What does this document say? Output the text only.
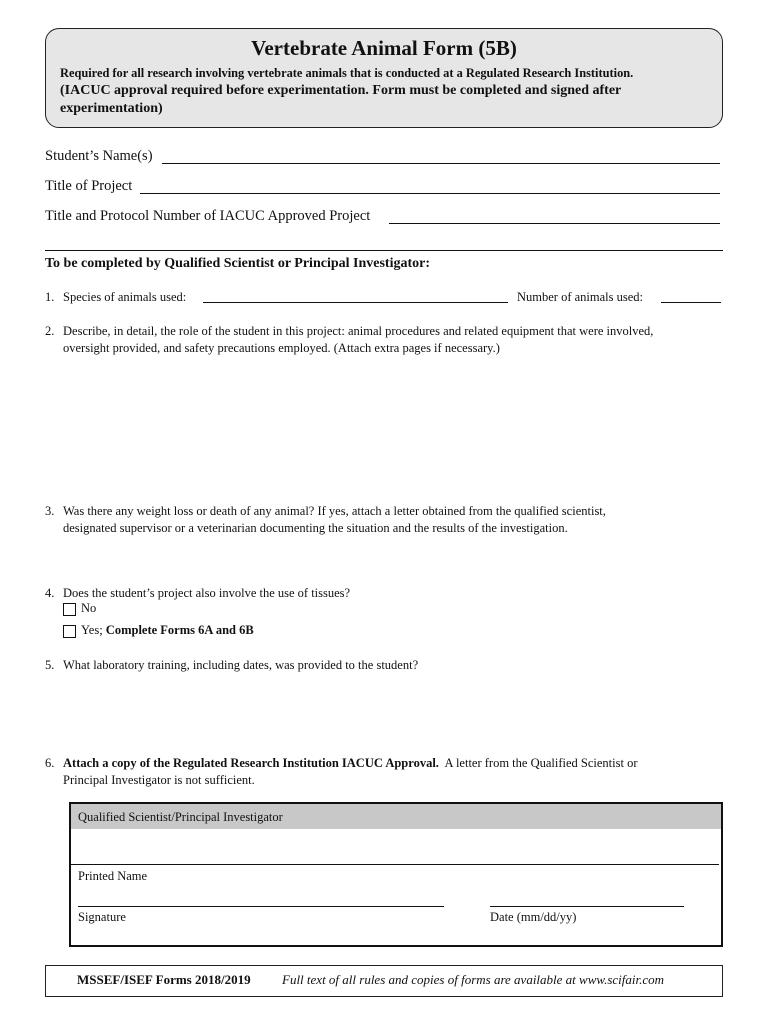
Vertebrate Animal Form (5B)
Required for all research involving vertebrate animals that is conducted at a Regulated Research Institution.
(IACUC approval required before experimentation. Form must be completed and signed after experimentation)
Student’s Name(s)
Title of Project
Title and Protocol Number of IACUC Approved Project
To be completed by Qualified Scientist or Principal Investigator:
1. Species of animals used:	Number of animals used:
2. Describe, in detail, the role of the student in this project: animal procedures and related equipment that were involved,
oversight provided, and safety precautions employed. (Attach extra pages if necessary.)
3. Was there any weight loss or death of any animal? If yes, attach a letter obtained from the qualified scientist,
designated supervisor or a veterinarian documenting the situation and the results of the investigation.
4. Does the student’s project also involve the use of tissues?
No
Yes; Complete Forms 6A and 6B
5. What laboratory training, including dates, was provided to the student?
6. Attach a copy of the Regulated Research Institution IACUC Approval.  A letter from the Qualified Scientist or
Principal Investigator is not sufficient.
Qualified Scientist/Principal Investigator
Printed Name
Signature	Date (mm/dd/yy)
MSSEF/ISEF Forms 2018/2019 Full text of all rules and copies of forms are available at www.scifair.com
